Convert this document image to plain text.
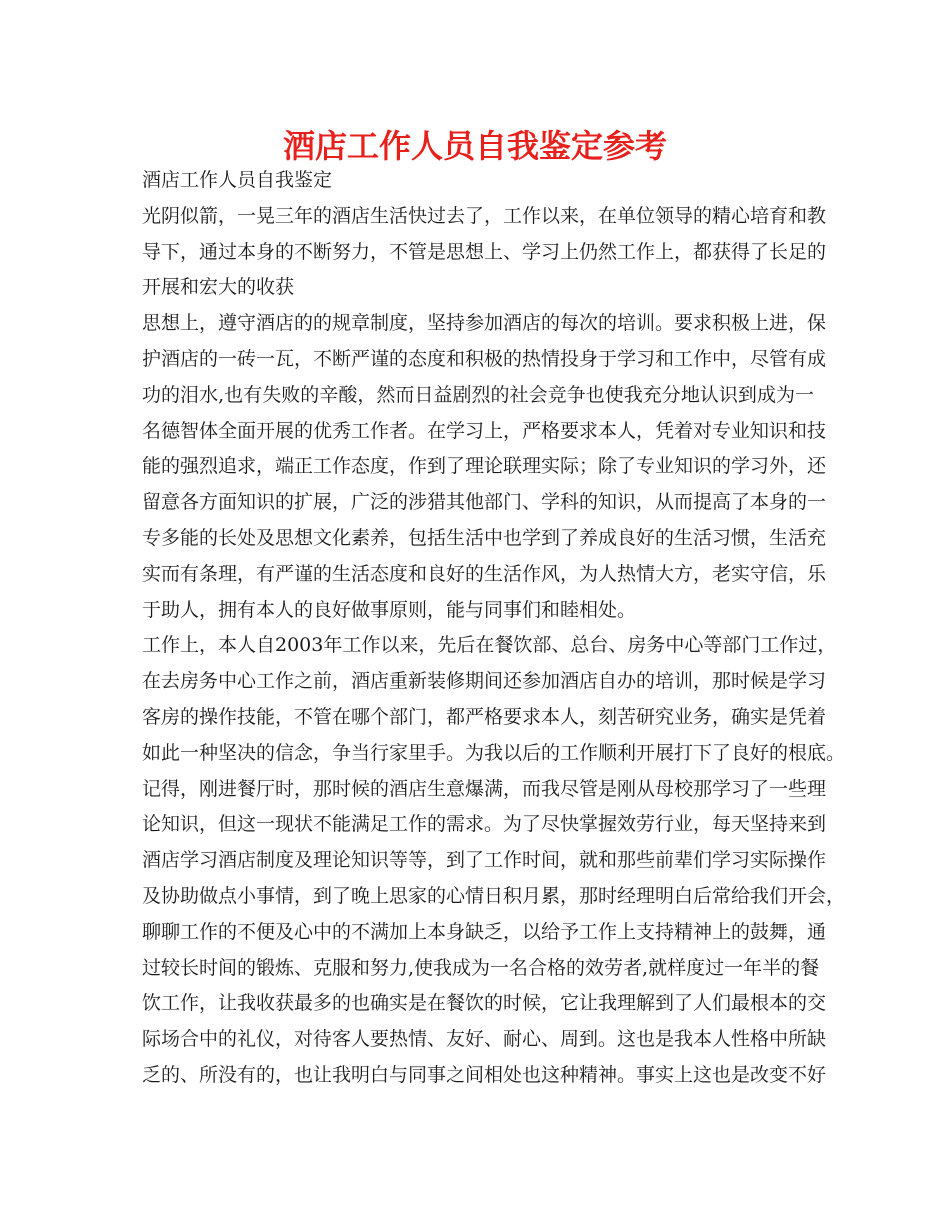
酒店工作人员自我鉴定参考

酒店工作人员自我鉴定

光阴似箭，一晃三年的酒店生活快过去了，工作以来，在单位领导的精心培育和教
导下，通过本身的不断努力，不管是思想上、学习上仍然工作上，都获得了长足的
开展和宏大的收获

思想上，遵守酒店的的规章制度，坚持参加酒店的每次的培训。要求积极上进，保
护酒店的一砖一瓦，不断严谨的态度和积极的热情投身于学习和工作中，尽管有成
功的泪水,也有失败的辛酸，然而日益剧烈的社会竞争也使我充分地认识到成为一
名德智体全面开展的优秀工作者。在学习上，严格要求本人，凭着对专业知识和技
能的强烈追求，端正工作态度，作到了理论联理实际；除了专业知识的学习外，还
留意各方面知识的扩展，广泛的涉猎其他部门、学科的知识，从而提高了本身的一
专多能的长处及思想文化素养，包括生活中也学到了养成良好的生活习惯，生活充
实而有条理，有严谨的生活态度和良好的生活作风，为人热情大方，老实守信，乐
于助人，拥有本人的良好做事原则，能与同事们和睦相处。

工作上，本人自2003年工作以来，先后在餐饮部、总台、房务中心等部门工作过，
在去房务中心工作之前，酒店重新装修期间还参加酒店自办的培训，那时候是学习
客房的操作技能，不管在哪个部门，都严格要求本人，刻苦研究业务，确实是凭着
如此一种坚决的信念，争当行家里手。为我以后的工作顺利开展打下了良好的根底。
记得，刚进餐厅时，那时候的酒店生意爆满，而我尽管是刚从母校那学习了一些理
论知识，但这一现状不能满足工作的需求。为了尽快掌握效劳行业，每天坚持来到
酒店学习酒店制度及理论知识等等，到了工作时间，就和那些前辈们学习实际操作
及协助做点小事情，到了晚上思家的心情日积月累，那时经理明白后常给我们开会，
聊聊工作的不便及心中的不满加上本身缺乏，以给予工作上支持精神上的鼓舞，通
过较长时间的锻炼、克服和努力,使我成为一名合格的效劳者,就样度过一年半的餐
饮工作，让我收获最多的也确实是在餐饮的时候，它让我理解到了人们最根本的交
际场合中的礼仪，对待客人要热情、友好、耐心、周到。这也是我本人性格中所缺
乏的、所没有的，也让我明白与同事之间相处也这种精神。事实上这也是改变不好
